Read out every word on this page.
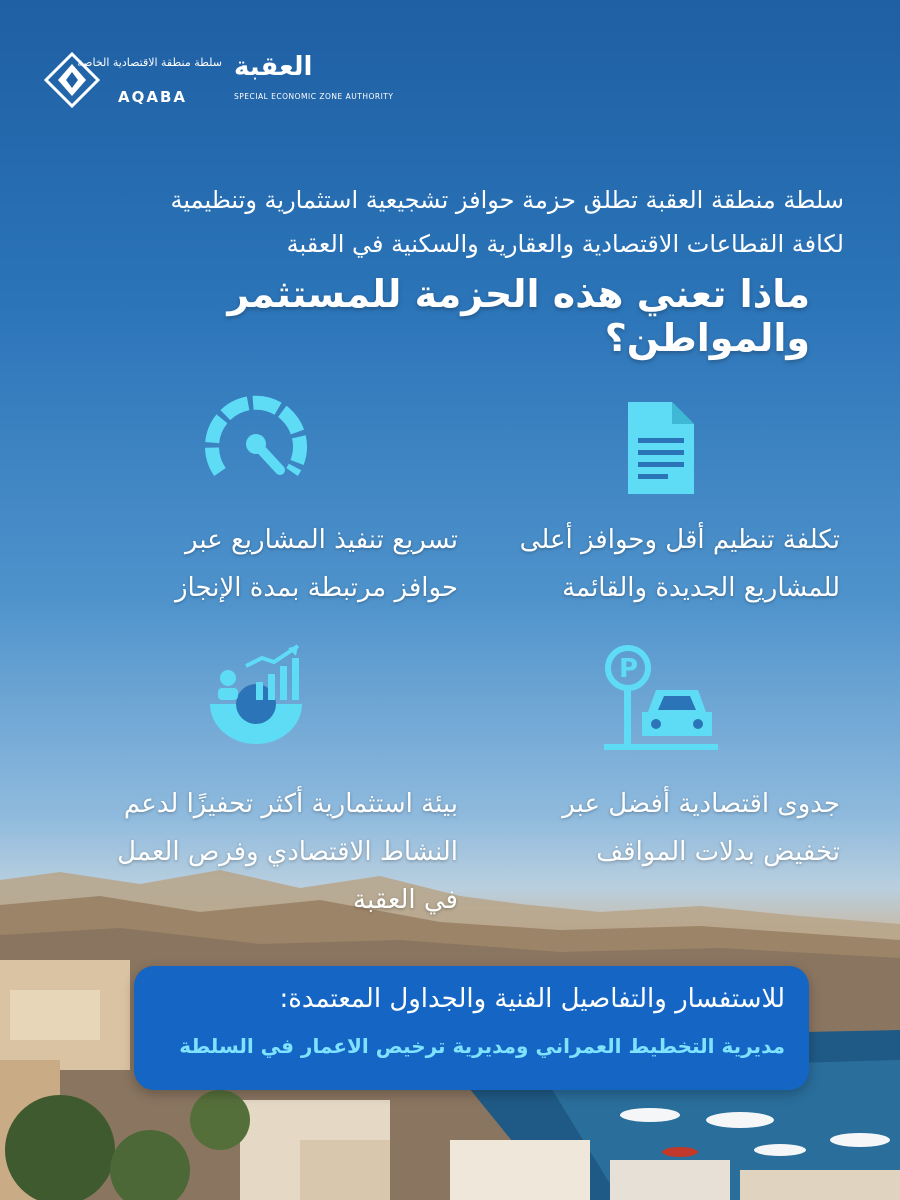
العقبة
سلطة منطقة الاقتصادية الخاصة
AQABA	SPECIAL ECONOMIC ZONE AUTHORITY
سلطة منطقة العقبة تطلق حزمة حوافز تشجيعية استثمارية وتنظيمية
لكافة القطاعات الاقتصادية والعقارية والسكنية في العقبة
ماذا تعني هذه الحزمة للمستثمر والمواطن؟
تكلفة تنظيم أقل وحوافز أعلى
للمشاريع الجديدة والقائمة
تسريع تنفيذ المشاريع عبر
حوافز مرتبطة بمدة الإنجاز
P
جدوى اقتصادية أفضل عبر
تخفيض بدلات المواقف
بيئة استثمارية أكثر تحفيزًا لدعم
النشاط الاقتصادي وفرص العمل
في العقبة
للاستفسار والتفاصيل الفنية والجداول المعتمدة:
مديرية التخطيط العمراني ومديرية ترخيص الاعمار في السلطة
